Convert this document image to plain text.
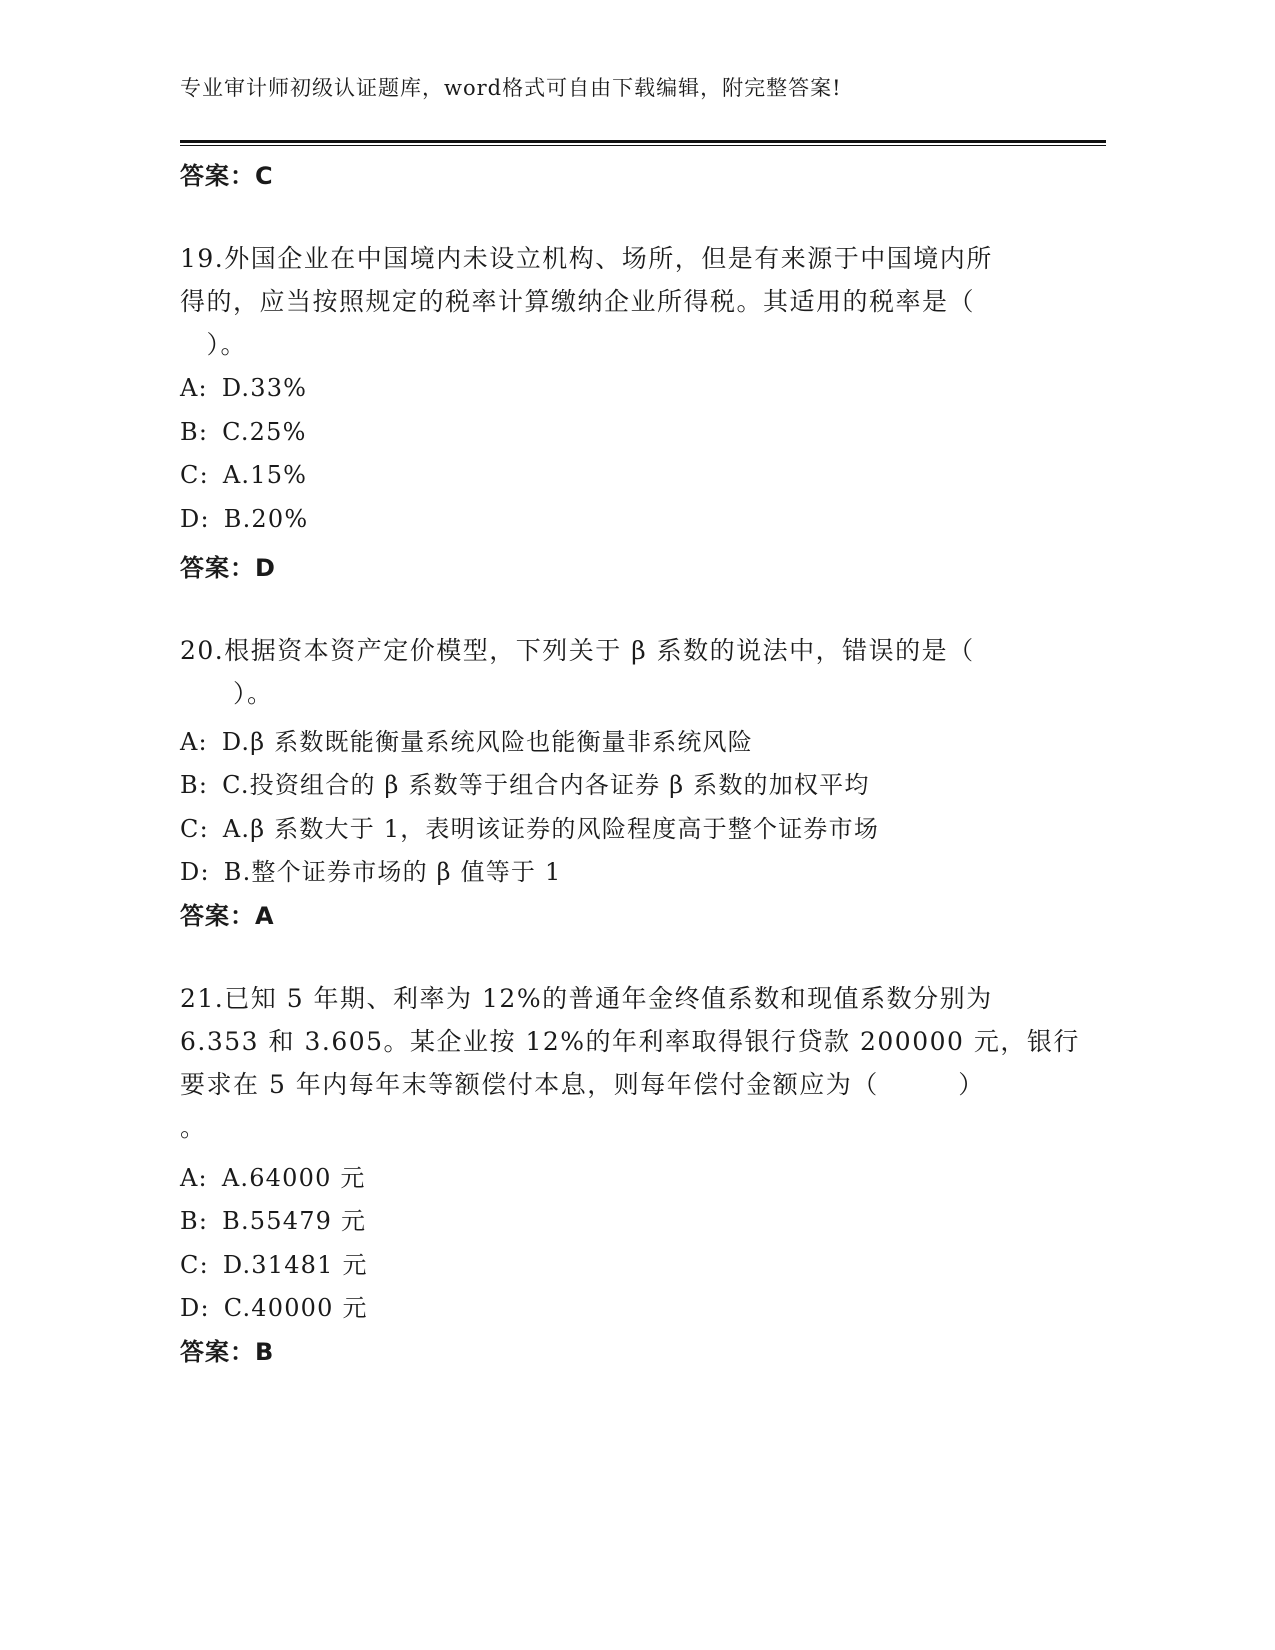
专业审计师初级认证题库，word格式可自由下载编辑，附完整答案!
答案：C
19.外国企业在中国境内未设立机构、场所，但是有来源于中国境内所
得的，应当按照规定的税率计算缴纳企业所得税。其适用的税率是（
　）。
A: D.33%
B: C.25%
C: A.15%
D: B.20%
答案：D
20.根据资本资产定价模型，下列关于 β 系数的说法中，错误的是（
　　）。
A: D.β 系数既能衡量系统风险也能衡量非系统风险
B: C.投资组合的 β 系数等于组合内各证券 β 系数的加权平均
C: A.β 系数大于 1，表明该证券的风险程度高于整个证券市场
D: B.整个证券市场的 β 值等于 1
答案：A
21.已知 5 年期、利率为 12%的普通年金终值系数和现值系数分别为
6.353 和 3.605。某企业按 12%的年利率取得银行贷款 200000 元，银行
要求在 5 年内每年末等额偿付本息，则每年偿付金额应为（　　　）
。
A: A.64000 元
B: B.55479 元
C: D.31481 元
D: C.40000 元
答案：B
